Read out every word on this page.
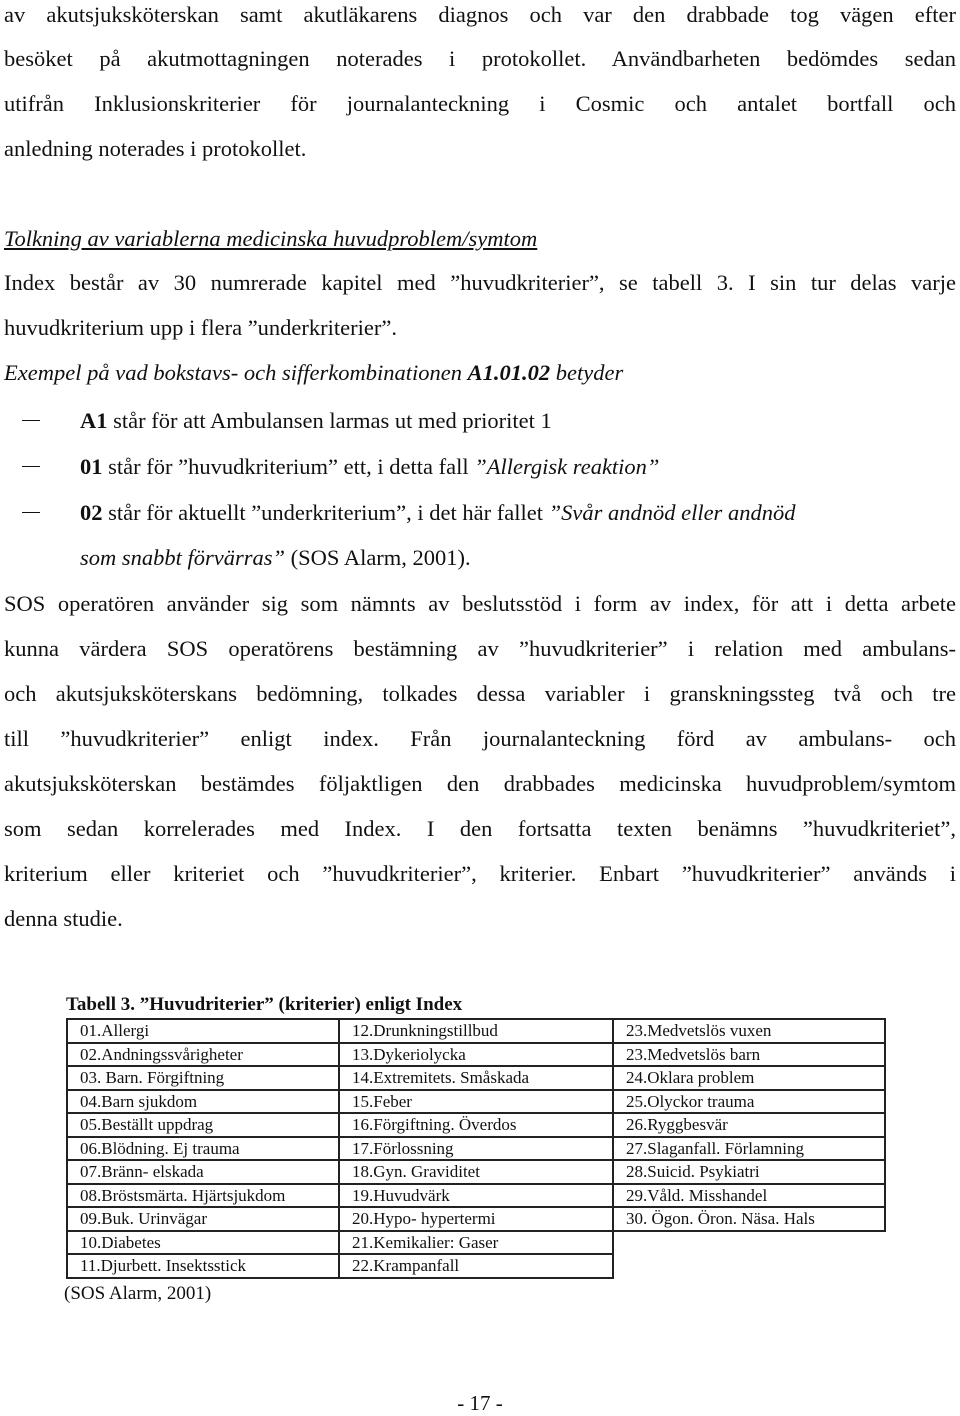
av akutsjuksköterskan samt akutläkarens diagnos och var den drabbade tog vägen efter
besöket på akutmottagningen noterades i protokollet. Användbarheten bedömdes sedan
utifrån Inklusionskriterier för journalanteckning i Cosmic och antalet bortfall och
anledning noterades i protokollet.
Tolkning av variablerna medicinska huvudproblem/symtom
Index består av 30 numrerade kapitel med ”huvudkriterier”, se tabell 3. I sin tur delas varje
huvudkriterium upp i flera ”underkriterier”.
Exempel på vad bokstavs- och sifferkombinationen A1.01.02 betyder
A1 står för att Ambulansen larmas ut med prioritet 1
01 står för ”huvudkriterium” ett, i detta fall ”Allergisk reaktion”
02 står för aktuellt ”underkriterium”, i det här fallet ”Svår andnöd eller andnöd
som snabbt förvärras” (SOS Alarm, 2001).
SOS operatören använder sig som nämnts av beslutsstöd i form av index, för att i detta arbete
kunna värdera SOS operatörens bestämning av ”huvudkriterier” i relation med ambulans-
och akutsjuksköterskans bedömning, tolkades dessa variabler i granskningssteg två och tre
till ”huvudkriterier” enligt index. Från journalanteckning förd av ambulans- och
akutsjuksköterskan bestämdes följaktligen den drabbades medicinska huvudproblem/symtom
som sedan korrelerades med Index. I den fortsatta texten benämns ”huvudkriteriet”,
kriterium eller kriteriet och ”huvudkriterier”, kriterier. Enbart ”huvudkriterier” används i
denna studie.
Tabell 3. ”Huvudriterier” (kriterier) enligt Index
01.Allergi	12.Drunkningstillbud	23.Medvetslös vuxen
02.Andningssvårigheter	13.Dykeriolycka	23.Medvetslös barn
03. Barn. Förgiftning	14.Extremitets. Småskada	24.Oklara problem
04.Barn sjukdom	15.Feber	25.Olyckor trauma
05.Beställt uppdrag	16.Förgiftning. Överdos	26.Ryggbesvär
06.Blödning. Ej trauma	17.Förlossning	27.Slaganfall. Förlamning
07.Bränn- elskada	18.Gyn. Graviditet	28.Suicid. Psykiatri
08.Bröstsmärta. Hjärtsjukdom	19.Huvudvärk	29.Våld. Misshandel
09.Buk. Urinvägar	20.Hypo- hypertermi	30. Ögon. Öron. Näsa. Hals
10.Diabetes	21.Kemikalier: Gaser	
11.Djurbett. Insektsstick	22.Krampanfall	
(SOS Alarm, 2001)
- 17 -
